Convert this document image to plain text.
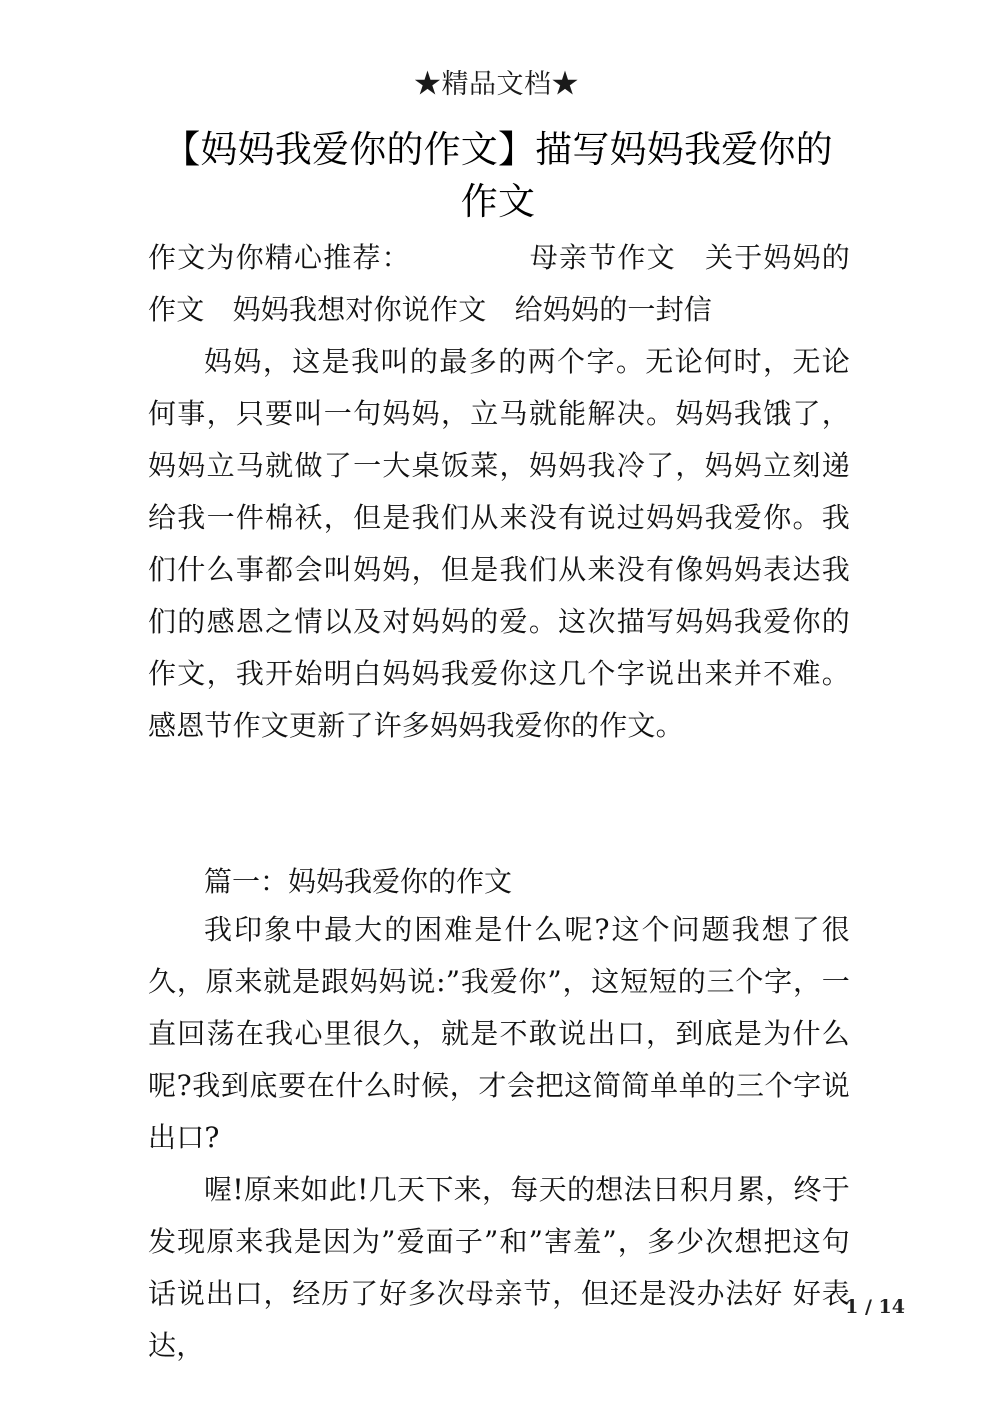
★精品文档★
【妈妈我爱你的作文】描写妈妈我爱你的作文

作文为你精心推荐：	母亲节作文　关于妈妈的作文　妈妈我想对你说作文　给妈妈的一封信

妈妈，这是我叫的最多的两个字。无论何时，无论何事，只要叫一句妈妈，立马就能解决。妈妈我饿了，妈妈立马就做了一大桌饭菜，妈妈我冷了，妈妈立刻递给我一件棉袄，但是我们从来没有说过妈妈我爱你。我们什么事都会叫妈妈，但是我们从来没有像妈妈表达我们的感恩之情以及对妈妈的爱。这次描写妈妈我爱你的作文，我开始明白妈妈我爱你这几个字说出来并不难。感恩节作文更新了许多妈妈我爱你的作文。

篇一：妈妈我爱你的作文

我印象中最大的困难是什么呢?这个问题我想了很久，原来就是跟妈妈说:”我爱你”，这短短的三个字，一直回荡在我心里很久，就是不敢说出口，到底是为什么呢?我到底要在什么时候，才会把这简简单单的三个字说出口?

喔!原来如此!几天下来，每天的想法日积月累，终于发现原来我是因为”爱面子”和”害羞”，多少次想把这句话说出口，经历了好多次母亲节，但还是没办法好 好表达，

1 / 14
